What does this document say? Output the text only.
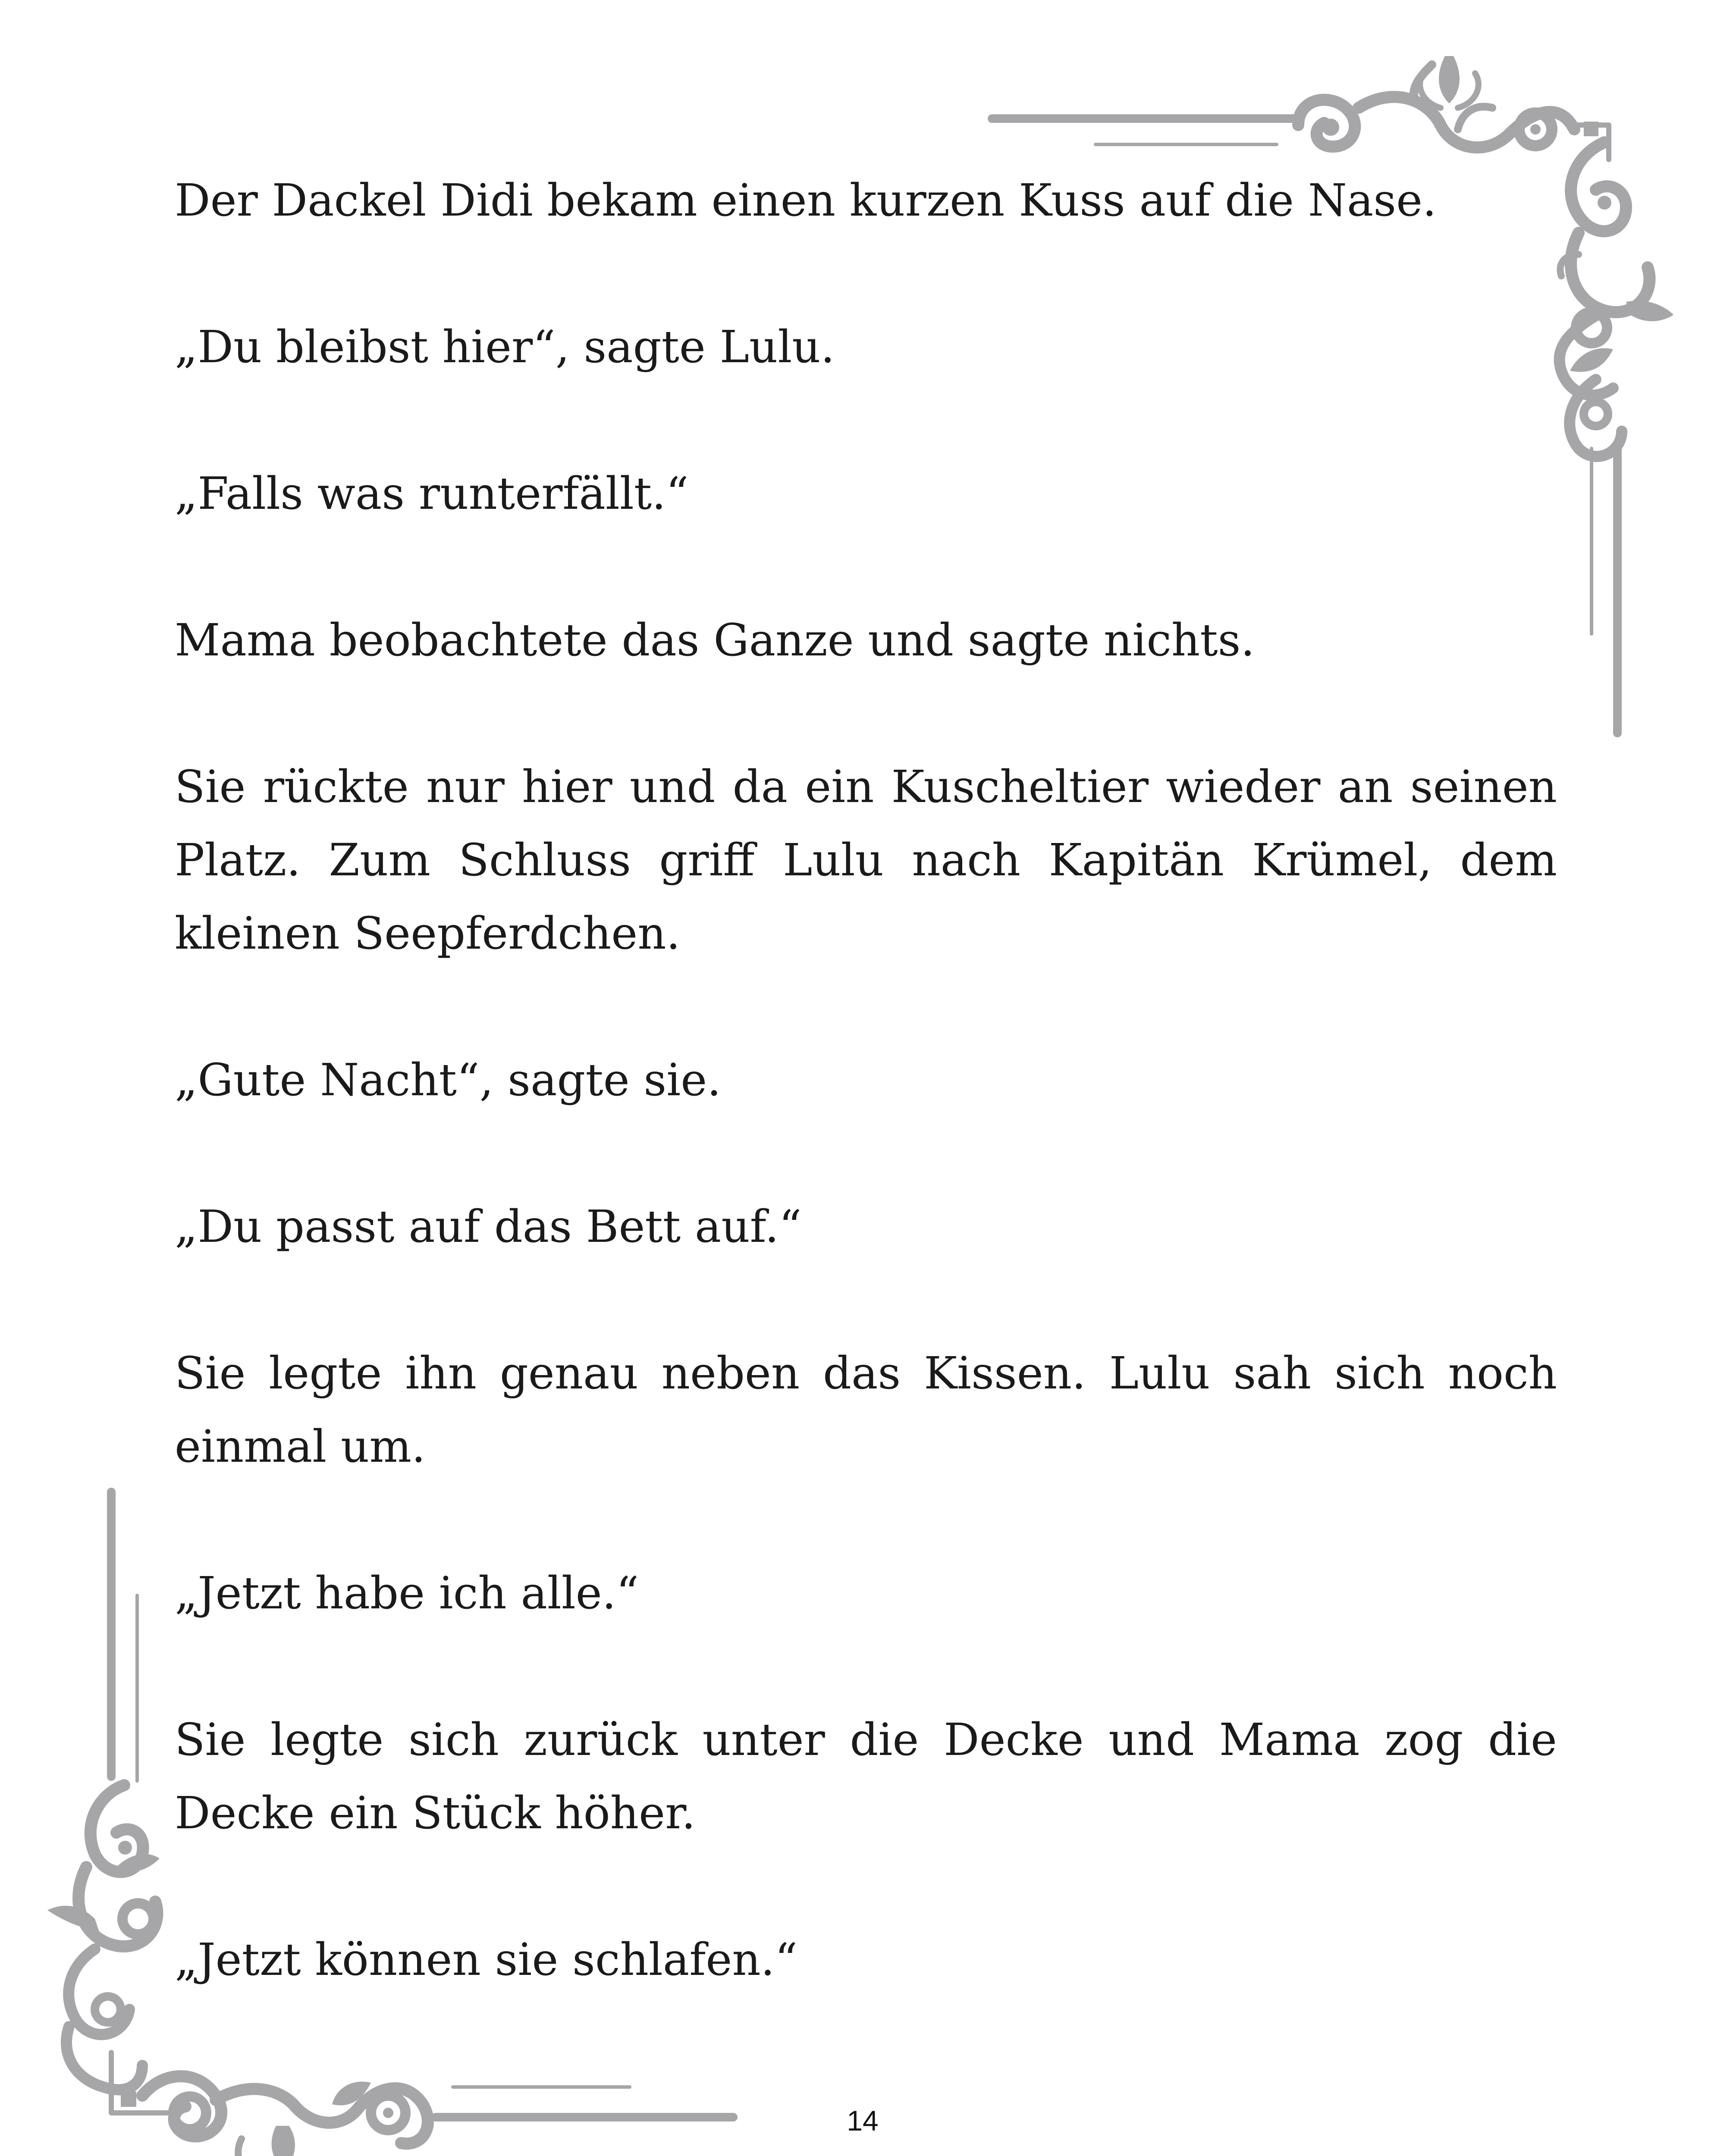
Der Dackel Didi bekam einen kurzen Kuss auf die Nase.

„Du bleibst hier“, sagte Lulu.

„Falls was runterfällt.“

Mama beobachtete das Ganze und sagte nichts.

Sie rückte nur hier und da ein Kuscheltier wieder an seinen Platz. Zum Schluss griff Lulu nach Kapitän Krümel, dem kleinen Seepferdchen.

„Gute Nacht“, sagte sie.

„Du passt auf das Bett auf.“

Sie legte ihn genau neben das Kissen. Lulu sah sich noch einmal um.

„Jetzt habe ich alle.“

Sie legte sich zurück unter die Decke und Mama zog die Decke ein Stück höher.

„Jetzt können sie schlafen.“

14
